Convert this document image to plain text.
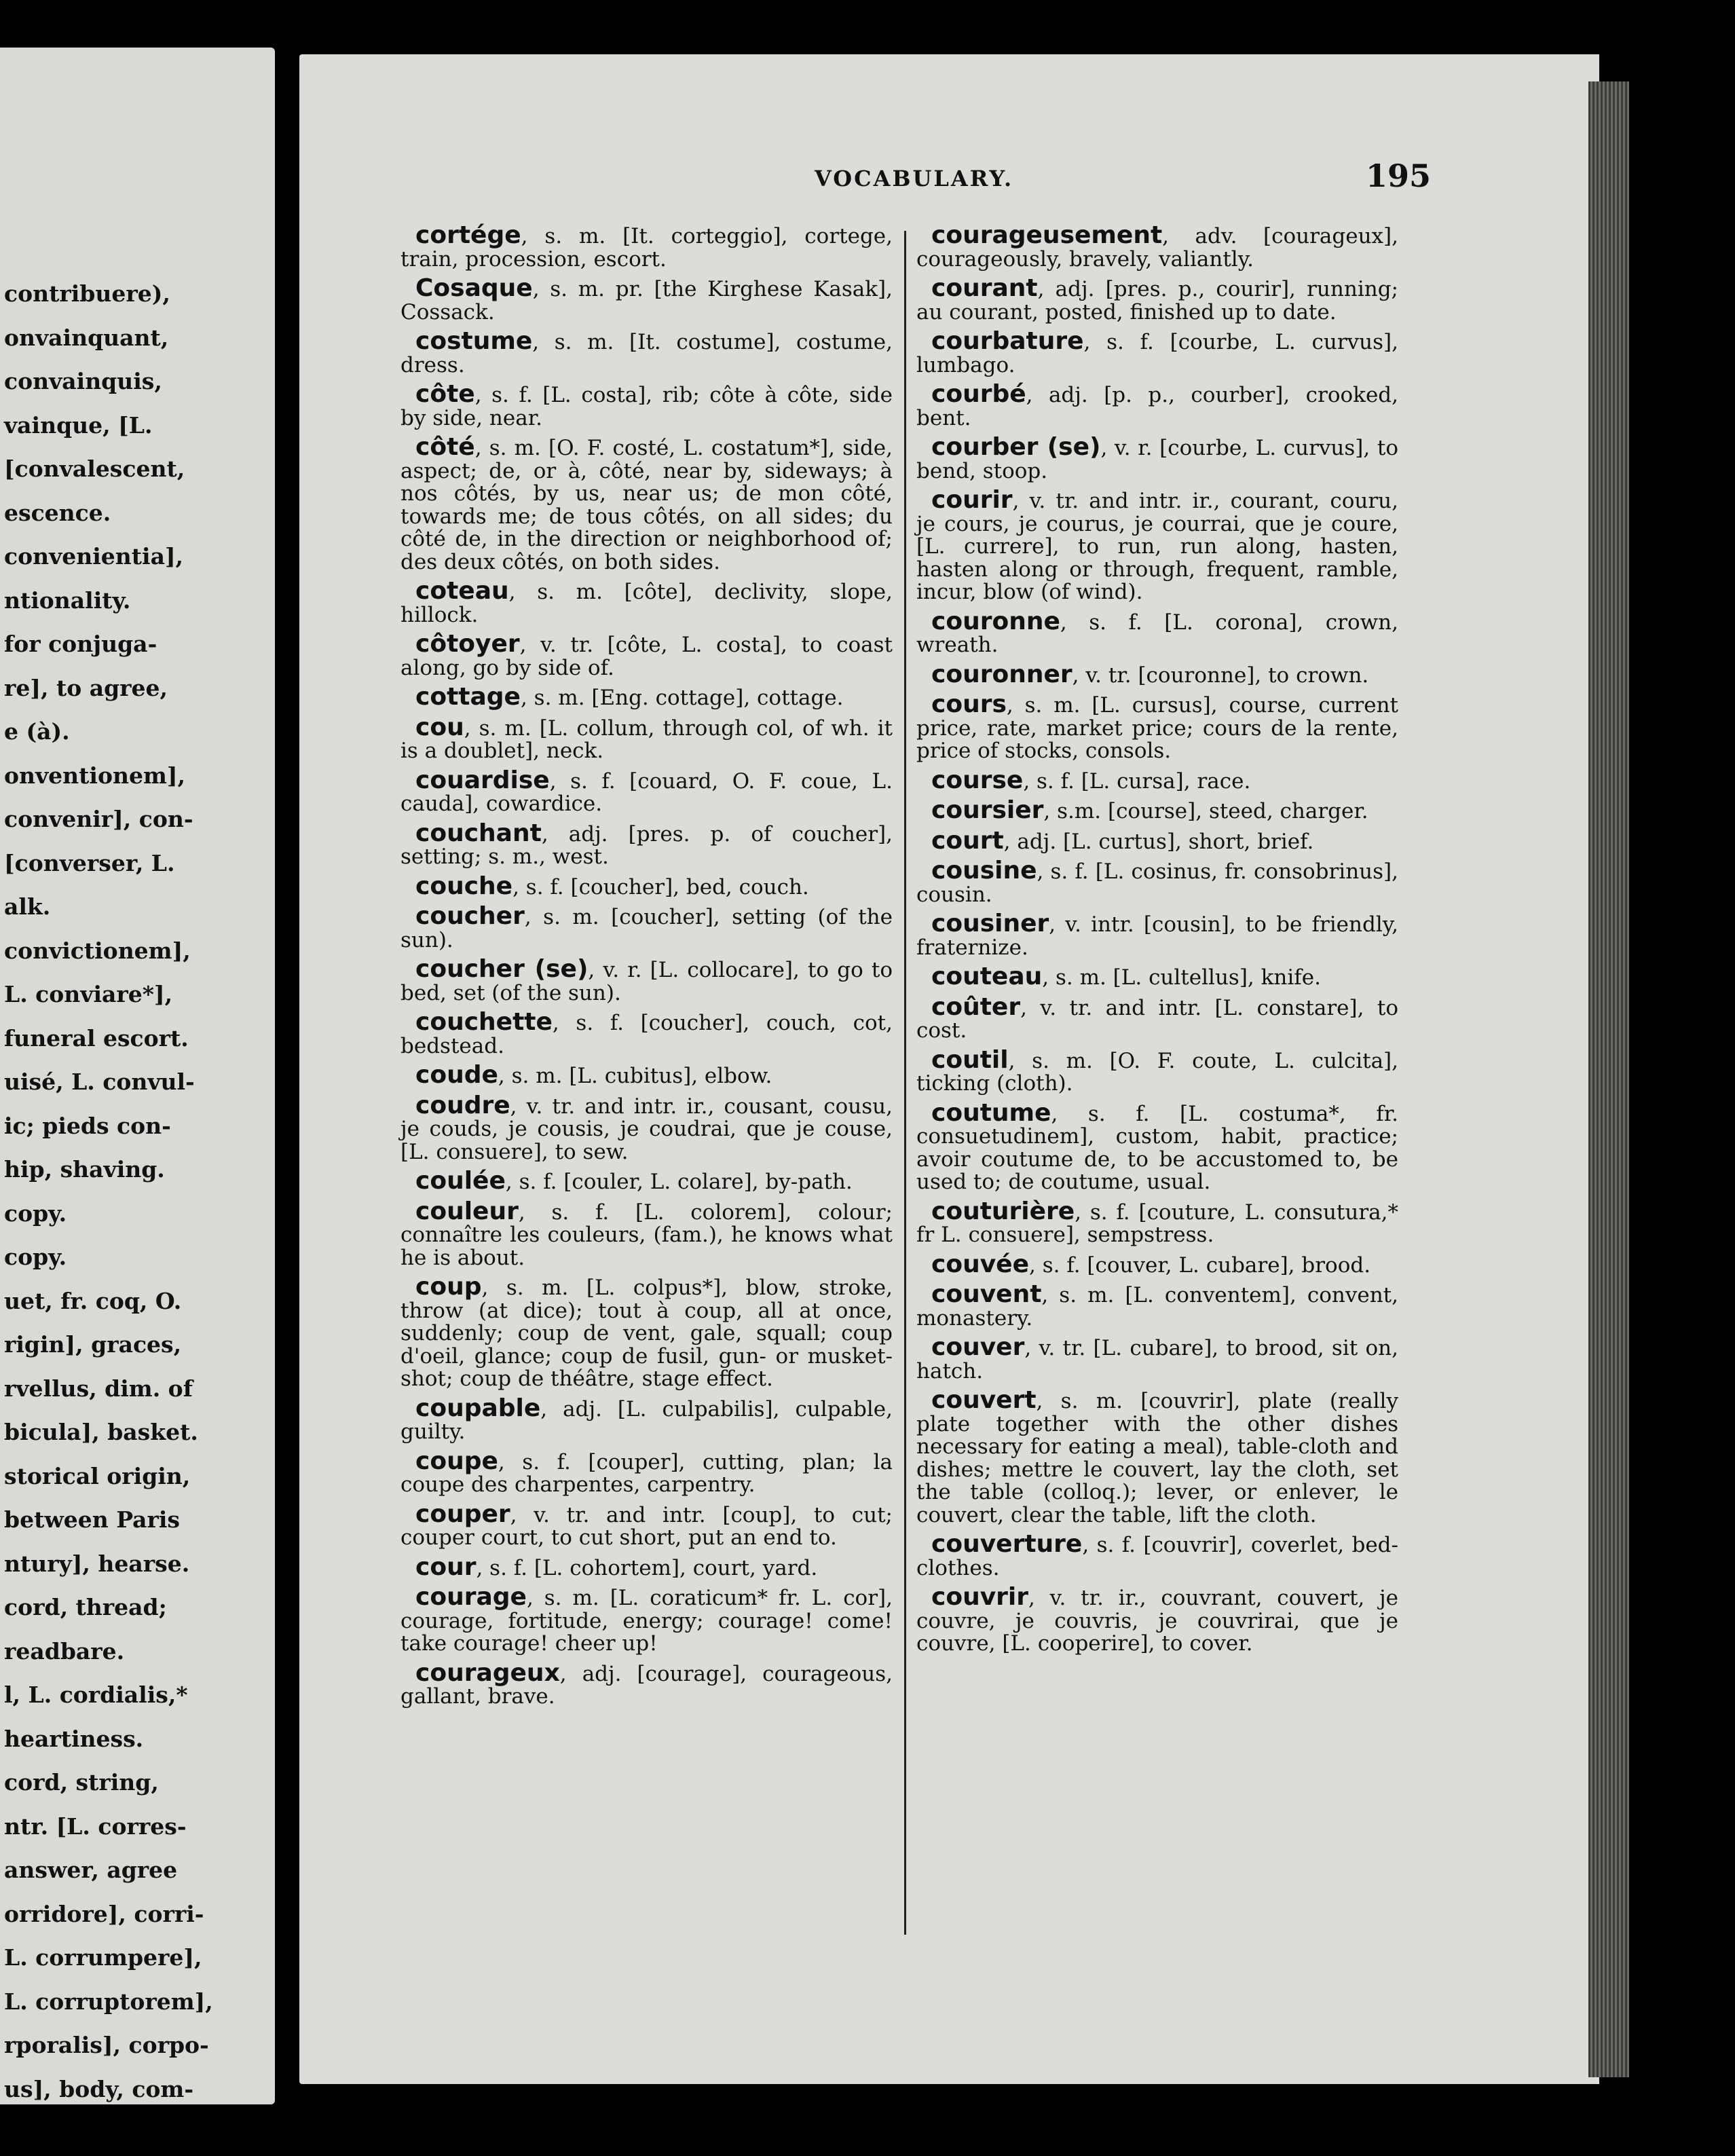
contribuere),
onvainquant,
convainquis,
vainque, [L.
[convalescent,
escence.
convenientia],
ntionality.
for conjuga-
re], to agree,
e (à).
onventionem],
convenir], con-
[converser, L.
alk.
convictionem],
L. conviare*],
funeral escort.
uisé, L. convul-
ic; pieds con-
hip, shaving.
copy.
copy.
uet, fr. coq, O.
rigin], graces,
rvellus, dim. of
bicula], basket.
storical origin,
between Paris
ntury], hearse.
cord, thread;
readbare.
l, L. cordialis,*
heartiness.
cord, string,
ntr. [L. corres-
answer, agree
orridore], corri-
L. corrumpere],
L. corruptorem],
rporalis], corpo-
us], body, com-
VOCABULARY.	195
cortége, s. m. [It. corteggio], cortege, train, procession, escort.
Cosaque, s. m. pr. [the Kirghese Kasak], Cossack.
costume, s. m. [It. costume], costume, dress.
côte, s. f. [L. costa], rib; côte à côte, side by side, near.
côté, s. m. [O. F. costé, L. costatum*], side, aspect; de, or à, côté, near by, sideways; à nos côtés, by us, near us; de mon côté, towards me; de tous côtés, on all sides; du côté de, in the direction or neighborhood of; des deux côtés, on both sides.
coteau, s. m. [côte], declivity, slope, hillock.
côtoyer, v. tr. [côte, L. costa], to coast along, go by side of.
cottage, s. m. [Eng. cottage], cottage.
cou, s. m. [L. collum, through col, of wh. it is a doublet], neck.
couardise, s. f. [couard, O. F. coue, L. cauda], cowardice.
couchant, adj. [pres. p. of coucher], setting; s. m., west.
couche, s. f. [coucher], bed, couch.
coucher, s. m. [coucher], setting (of the sun).
coucher (se), v. r. [L. collocare], to go to bed, set (of the sun).
couchette, s. f. [coucher], couch, cot, bedstead.
coude, s. m. [L. cubitus], elbow.
coudre, v. tr. and intr. ir., cousant, cousu, je couds, je cousis, je coudrai, que je couse, [L. consuere], to sew.
coulée, s. f. [couler, L. colare], by-path.
couleur, s. f. [L. colorem], colour; connaître les couleurs, (fam.), he knows what he is about.
coup, s. m. [L. colpus*], blow, stroke, throw (at dice); tout à coup, all at once, suddenly; coup de vent, gale, squall; coup d'oeil, glance; coup de fusil, gun- or musket-shot; coup de théâtre, stage effect.
coupable, adj. [L. culpabilis], culpable, guilty.
coupe, s. f. [couper], cutting, plan; la coupe des charpentes, carpentry.
couper, v. tr. and intr. [coup], to cut; couper court, to cut short, put an end to.
cour, s. f. [L. cohortem], court, yard.
courage, s. m. [L. coraticum* fr. L. cor], courage, fortitude, energy; courage! come! take courage! cheer up!
courageux, adj. [courage], courageous, gallant, brave.
courageusement, adv. [courageux], courageously, bravely, valiantly.
courant, adj. [pres. p., courir], running; au courant, posted, finished up to date.
courbature, s. f. [courbe, L. curvus], lumbago.
courbé, adj. [p. p., courber], crooked, bent.
courber (se), v. r. [courbe, L. curvus], to bend, stoop.
courir, v. tr. and intr. ir., courant, couru, je cours, je courus, je courrai, que je coure, [L. currere], to run, run along, hasten, hasten along or through, frequent, ramble, incur, blow (of wind).
couronne, s. f. [L. corona], crown, wreath.
couronner, v. tr. [couronne], to crown.
cours, s. m. [L. cursus], course, current price, rate, market price; cours de la rente, price of stocks, consols.
course, s. f. [L. cursa], race.
coursier, s.m. [course], steed, charger.
court, adj. [L. curtus], short, brief.
cousine, s. f. [L. cosinus, fr. consobrinus], cousin.
cousiner, v. intr. [cousin], to be friendly, fraternize.
couteau, s. m. [L. cultellus], knife.
coûter, v. tr. and intr. [L. constare], to cost.
coutil, s. m. [O. F. coute, L. culcita], ticking (cloth).
coutume, s. f. [L. costuma*, fr. consuetudinem], custom, habit, practice; avoir coutume de, to be accustomed to, be used to; de coutume, usual.
couturière, s. f. [couture, L. consutura,* fr L. consuere], sempstress.
couvée, s. f. [couver, L. cubare], brood.
couvent, s. m. [L. conventem], convent, monastery.
couver, v. tr. [L. cubare], to brood, sit on, hatch.
couvert, s. m. [couvrir], plate (really plate together with the other dishes necessary for eating a meal), table-cloth and dishes; mettre le couvert, lay the cloth, set the table (colloq.); lever, or enlever, le couvert, clear the table, lift the cloth.
couverture, s. f. [couvrir], coverlet, bed-clothes.
couvrir, v. tr. ir., couvrant, couvert, je couvre, je couvris, je couvrirai, que je couvre, [L. cooperire], to cover.
